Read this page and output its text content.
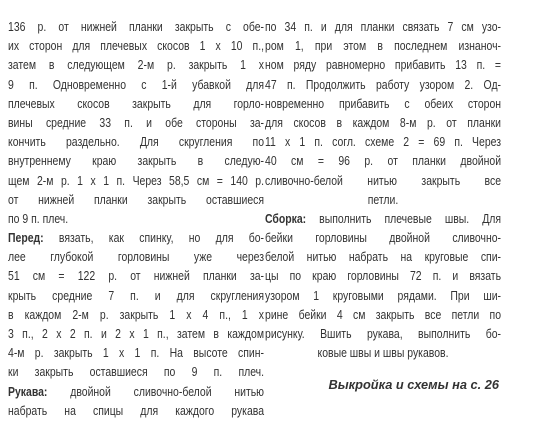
136 р. от нижней планки закрыть с обе-
их сторон для плечевых скосов 1 х 10 п.,
затем в следующем 2-м р. закрыть 1 х
9 п. Одновременно с 1-й убавкой для
плечевых скосов закрыть для горло-
вины средние 33 п. и обе стороны за-
кончить раздельно. Для скругления по
внутреннему краю закрыть в следую-
щем 2-м р. 1 х 1 п. Через 58,5 см = 140 р.
от нижней планки закрыть оставшиеся
по 9 п. плеч.
Перед: вязать, как спинку, но для бо-
лее глубокой горловины уже через
51 см = 122 р. от нижней планки за-
крыть средние 7 п. и для скругления
в каждом 2-м р. закрыть 1 х 4 п., 1 х
3 п., 2 х 2 п. и 2 х 1 п., затем в каждом
4-м р. закрыть 1 х 1 п. На высоте спин-
ки закрыть оставшиеся по 9 п. плеч.
Рукава: двойной сливочно-белой нитью
набрать на спицы для каждого рукава
по 34 п. и для планки связать 7 см узо-
ром 1, при этом в последнем изнаноч-
ном ряду равномерно прибавить 13 п. =
47 п. Продолжить работу узором 2. Од-
новременно прибавить с обеих сторон
для скосов в каждом 8-м р. от планки
11 х 1 п. согл. схеме 2 = 69 п. Через
40 см = 96 р. от планки двойной
сливочно-белой нитью закрыть все
петли.
Сборка: выполнить плечевые швы. Для
бейки горловины двойной сливочно-
белой нитью набрать на круговые спи-
цы по краю горловины 72 п. и вязать
узором 1 круговыми рядами. При ши-
рине бейки 4 см закрыть все петли по
рисунку. Вшить рукава, выполнить бо-
ковые швы и швы рукавов.
Выкройка и схемы на с. 26
